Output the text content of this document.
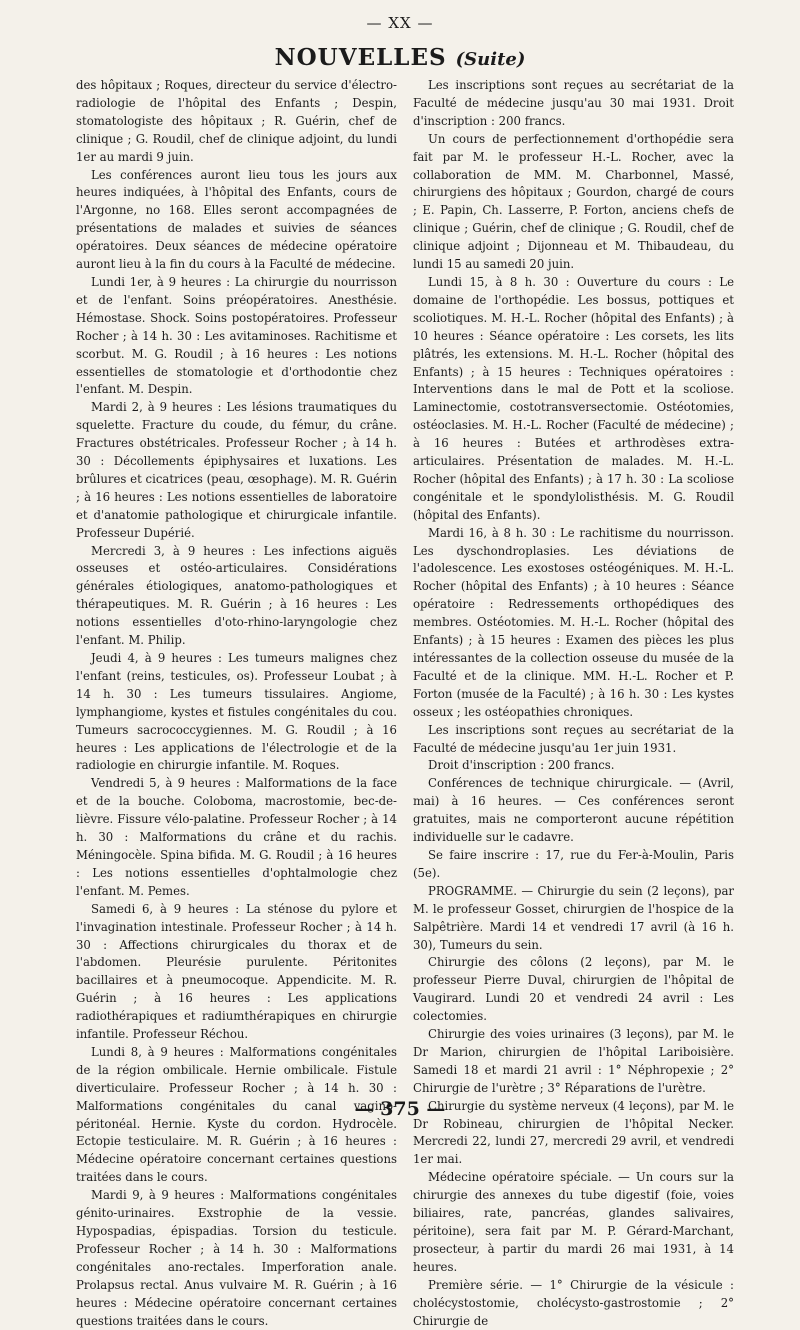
— XX —
NOUVELLES (Suite)

des hôpitaux ; Roques, directeur du service d'électro-radiologie de l'hôpital des Enfants ; Despin, stomatologiste des hôpitaux ; R. Guérin, chef de clinique ; G. Roudil, chef de clinique adjoint, du lundi 1er au mardi 9 juin.

Les conférences auront lieu tous les jours aux heures indiquées, à l'hôpital des Enfants, cours de l'Argonne, no 168. Elles seront accompagnées de présentations de malades et suivies de séances opératoires. Deux séances de médecine opératoire auront lieu à la fin du cours à la Faculté de médecine.

Lundi 1er, à 9 heures : La chirurgie du nourrisson et de l'enfant. Soins préopératoires. Anesthésie. Hémostase. Shock. Soins postopératoires. Professeur Rocher ; à 14 h. 30 : Les avitaminoses. Rachitisme et scorbut. M. G. Roudil ; à 16 heures : Les notions essentielles de stomatologie et d'orthodontie chez l'enfant. M. Despin.

Mardi 2, à 9 heures : Les lésions traumatiques du squelette. Fracture du coude, du fémur, du crâne. Fractures obstétricales. Professeur Rocher ; à 14 h. 30 : Décollements épiphysaires et luxations. Les brûlures et cicatrices (peau, œsophage). M. R. Guérin ; à 16 heures : Les notions essentielles de laboratoire et d'anatomie pathologique et chirurgicale infantile. Professeur Dupérié.

Mercredi 3, à 9 heures : Les infections aiguës osseuses et ostéo-articulaires. Considérations générales étiologiques, anatomo-pathologiques et thérapeutiques. M. R. Guérin ; à 16 heures : Les notions essentielles d'oto-rhino-laryngologie chez l'enfant. M. Philip.

Jeudi 4, à 9 heures : Les tumeurs malignes chez l'enfant (reins, testicules, os). Professeur Loubat ; à 14 h. 30 : Les tumeurs tissulaires. Angiome, lymphangiome, kystes et fistules congénitales du cou. Tumeurs sacrococcygiennes. M. G. Roudil ; à 16 heures : Les applications de l'électrologie et de la radiologie en chirurgie infantile. M. Roques.

Vendredi 5, à 9 heures : Malformations de la face et de la bouche. Coloboma, macrostomie, bec-de-lièvre. Fissure vélo-palatine. Professeur Rocher ; à 14 h. 30 : Malformations du crâne et du rachis. Méningocèle. Spina bifida. M. G. Roudil ; à 16 heures : Les notions essentielles d'ophtalmologie chez l'enfant. M. Pemes.

Samedi 6, à 9 heures : La sténose du pylore et l'invagination intestinale. Professeur Rocher ; à 14 h. 30 : Affections chirurgicales du thorax et de l'abdomen. Pleurésie purulente. Péritonites bacillaires et à pneumocoque. Appendicite. M. R. Guérin ; à 16 heures : Les applications radiothérapiques et radiumthérapiques en chirurgie infantile. Professeur Réchou.

Lundi 8, à 9 heures : Malformations congénitales de la région ombilicale. Hernie ombilicale. Fistule diverticulaire. Professeur Rocher ; à 14 h. 30 : Malformations congénitales du canal vagino-péritonéal. Hernie. Kyste du cordon. Hydrocèle. Ectopie testiculaire. M. R. Guérin ; à 16 heures : Médecine opératoire concernant certaines questions traitées dans le cours.

Mardi 9, à 9 heures : Malformations congénitales génito-urinaires. Exstrophie de la vessie. Hypospadias, épispadias. Torsion du testicule. Professeur Rocher ; à 14 h. 30 : Malformations congénitales ano-rectales. Imperforation anale. Prolapsus rectal. Anus vulvaire M. R. Guérin ; à 16 heures : Médecine opératoire concernant certaines questions traitées dans le cours.

Les inscriptions sont reçues au secrétariat de la Faculté de médecine jusqu'au 30 mai 1931. Droit d'inscription : 200 francs.

Un cours de perfectionnement d'orthopédie sera fait par M. le professeur H.-L. Rocher, avec la collaboration de MM. M. Charbonnel, Massé, chirurgiens des hôpitaux ; Gourdon, chargé de cours ; E. Papin, Ch. Lasserre, P. Forton, anciens chefs de clinique ; Guérin, chef de clinique ; G. Roudil, chef de clinique adjoint ; Dijonneau et M. Thibaudeau, du lundi 15 au samedi 20 juin.

Lundi 15, à 8 h. 30 : Ouverture du cours : Le domaine de l'orthopédie. Les bossus, pottiques et scoliotiques. M. H.-L. Rocher (hôpital des Enfants) ; à 10 heures : Séance opératoire : Les corsets, les lits plâtrés, les extensions. M. H.-L. Rocher (hôpital des Enfants) ; à 15 heures : Techniques opératoires : Interventions dans le mal de Pott et la scoliose. Laminectomie, costotransversectomie. Ostéotomies, ostéoclasies. M. H.-L. Rocher (Faculté de médecine) ; à 16 heures : Butées et arthrodèses extra-articulaires. Présentation de malades. M. H.-L. Rocher (hôpital des Enfants) ; à 17 h. 30 : La scoliose congénitale et le spondylolisthésis. M. G. Roudil (hôpital des Enfants).

Mardi 16, à 8 h. 30 : Le rachitisme du nourrisson. Les dyschondroplasies. Les déviations de l'adolescence. Les exostoses ostéogéniques. M. H.-L. Rocher (hôpital des Enfants) ; à 10 heures : Séance opératoire : Redressements orthopédiques des membres. Ostéotomies. M. H.-L. Rocher (hôpital des Enfants) ; à 15 heures : Examen des pièces les plus intéressantes de la collection osseuse du musée de la Faculté et de la clinique. MM. H.-L. Rocher et P. Forton (musée de la Faculté) ; à 16 h. 30 : Les kystes osseux ; les ostéopathies chroniques.

Les inscriptions sont reçues au secrétariat de la Faculté de médecine jusqu'au 1er juin 1931.

Droit d'inscription : 200 francs.

Conférences de technique chirurgicale. — (Avril, mai) à 16 heures. — Ces conférences seront gratuites, mais ne comporteront aucune répétition individuelle sur le cadavre.

Se faire inscrire : 17, rue du Fer-à-Moulin, Paris (5e).

PROGRAMME. — Chirurgie du sein (2 leçons), par M. le professeur Gosset, chirurgien de l'hospice de la Salpêtrière. Mardi 14 et vendredi 17 avril (à 16 h. 30), Tumeurs du sein.

Chirurgie des côlons (2 leçons), par M. le professeur Pierre Duval, chirurgien de l'hôpital de Vaugirard. Lundi 20 et vendredi 24 avril : Les colectomies.

Chirurgie des voies urinaires (3 leçons), par M. le Dr Marion, chirurgien de l'hôpital Lariboisière. Samedi 18 et mardi 21 avril : 1° Néphropexie ; 2° Chirurgie de l'urètre ; 3° Réparations de l'urètre.

Chirurgie du système nerveux (4 leçons), par M. le Dr Robineau, chirurgien de l'hôpital Necker. Mercredi 22, lundi 27, mercredi 29 avril, et vendredi 1er mai.

Médecine opératoire spéciale. — Un cours sur la chirurgie des annexes du tube digestif (foie, voies biliaires, rate, pancréas, glandes salivaires, péritoine), sera fait par M. P. Gérard-Marchant, prosecteur, à partir du mardi 26 mai 1931, à 14 heures.

Première série. — 1° Chirurgie de la vésicule : cholécystostomie, cholécysto-gastrostomie ; 2° Chirurgie de

— 375 —
